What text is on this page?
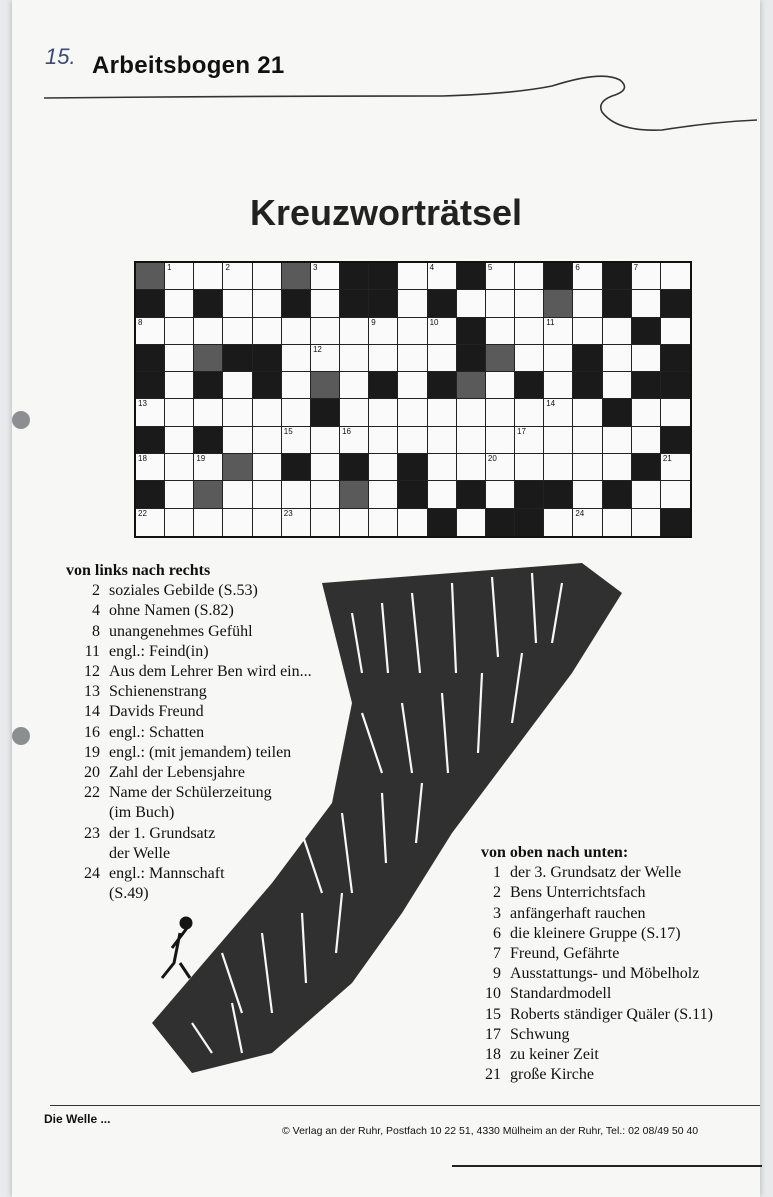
15. Arbeitsbogen 21
Kreuzworträtsel
1	2	3	4	5	6	7
8	9	10	11
12
13	14
15	16	17
18	19	20	21
22	23	24
von links nach rechts
2 soziales Gebilde (S.53)
4 ohne Namen (S.82)
8 unangenehmes Gefühl
11 engl.: Feind(in)
12 Aus dem Lehrer Ben wird ein...
13 Schienenstrang
14 Davids Freund
16 engl.: Schatten
19 engl.: (mit jemandem) teilen
20 Zahl der Lebensjahre
22 Name der Schülerzeitung
(im Buch)
23 der 1. Grundsatz
der Welle
24 engl.: Mannschaft
(S.49)
von oben nach unten:
1 der 3. Grundsatz der Welle
2 Bens Unterrichtsfach
3 anfängerhaft rauchen
6 die kleinere Gruppe (S.17)
7 Freund, Gefährte
9 Ausstattungs- und Möbelholz
10 Standardmodell
15 Roberts ständiger Quäler (S.11)
17 Schwung
18 zu keiner Zeit
21 große Kirche
Die Welle ...
© Verlag an der Ruhr, Postfach 10 22 51, 4330 Mülheim an der Ruhr, Tel.: 02 08/49 50 40
